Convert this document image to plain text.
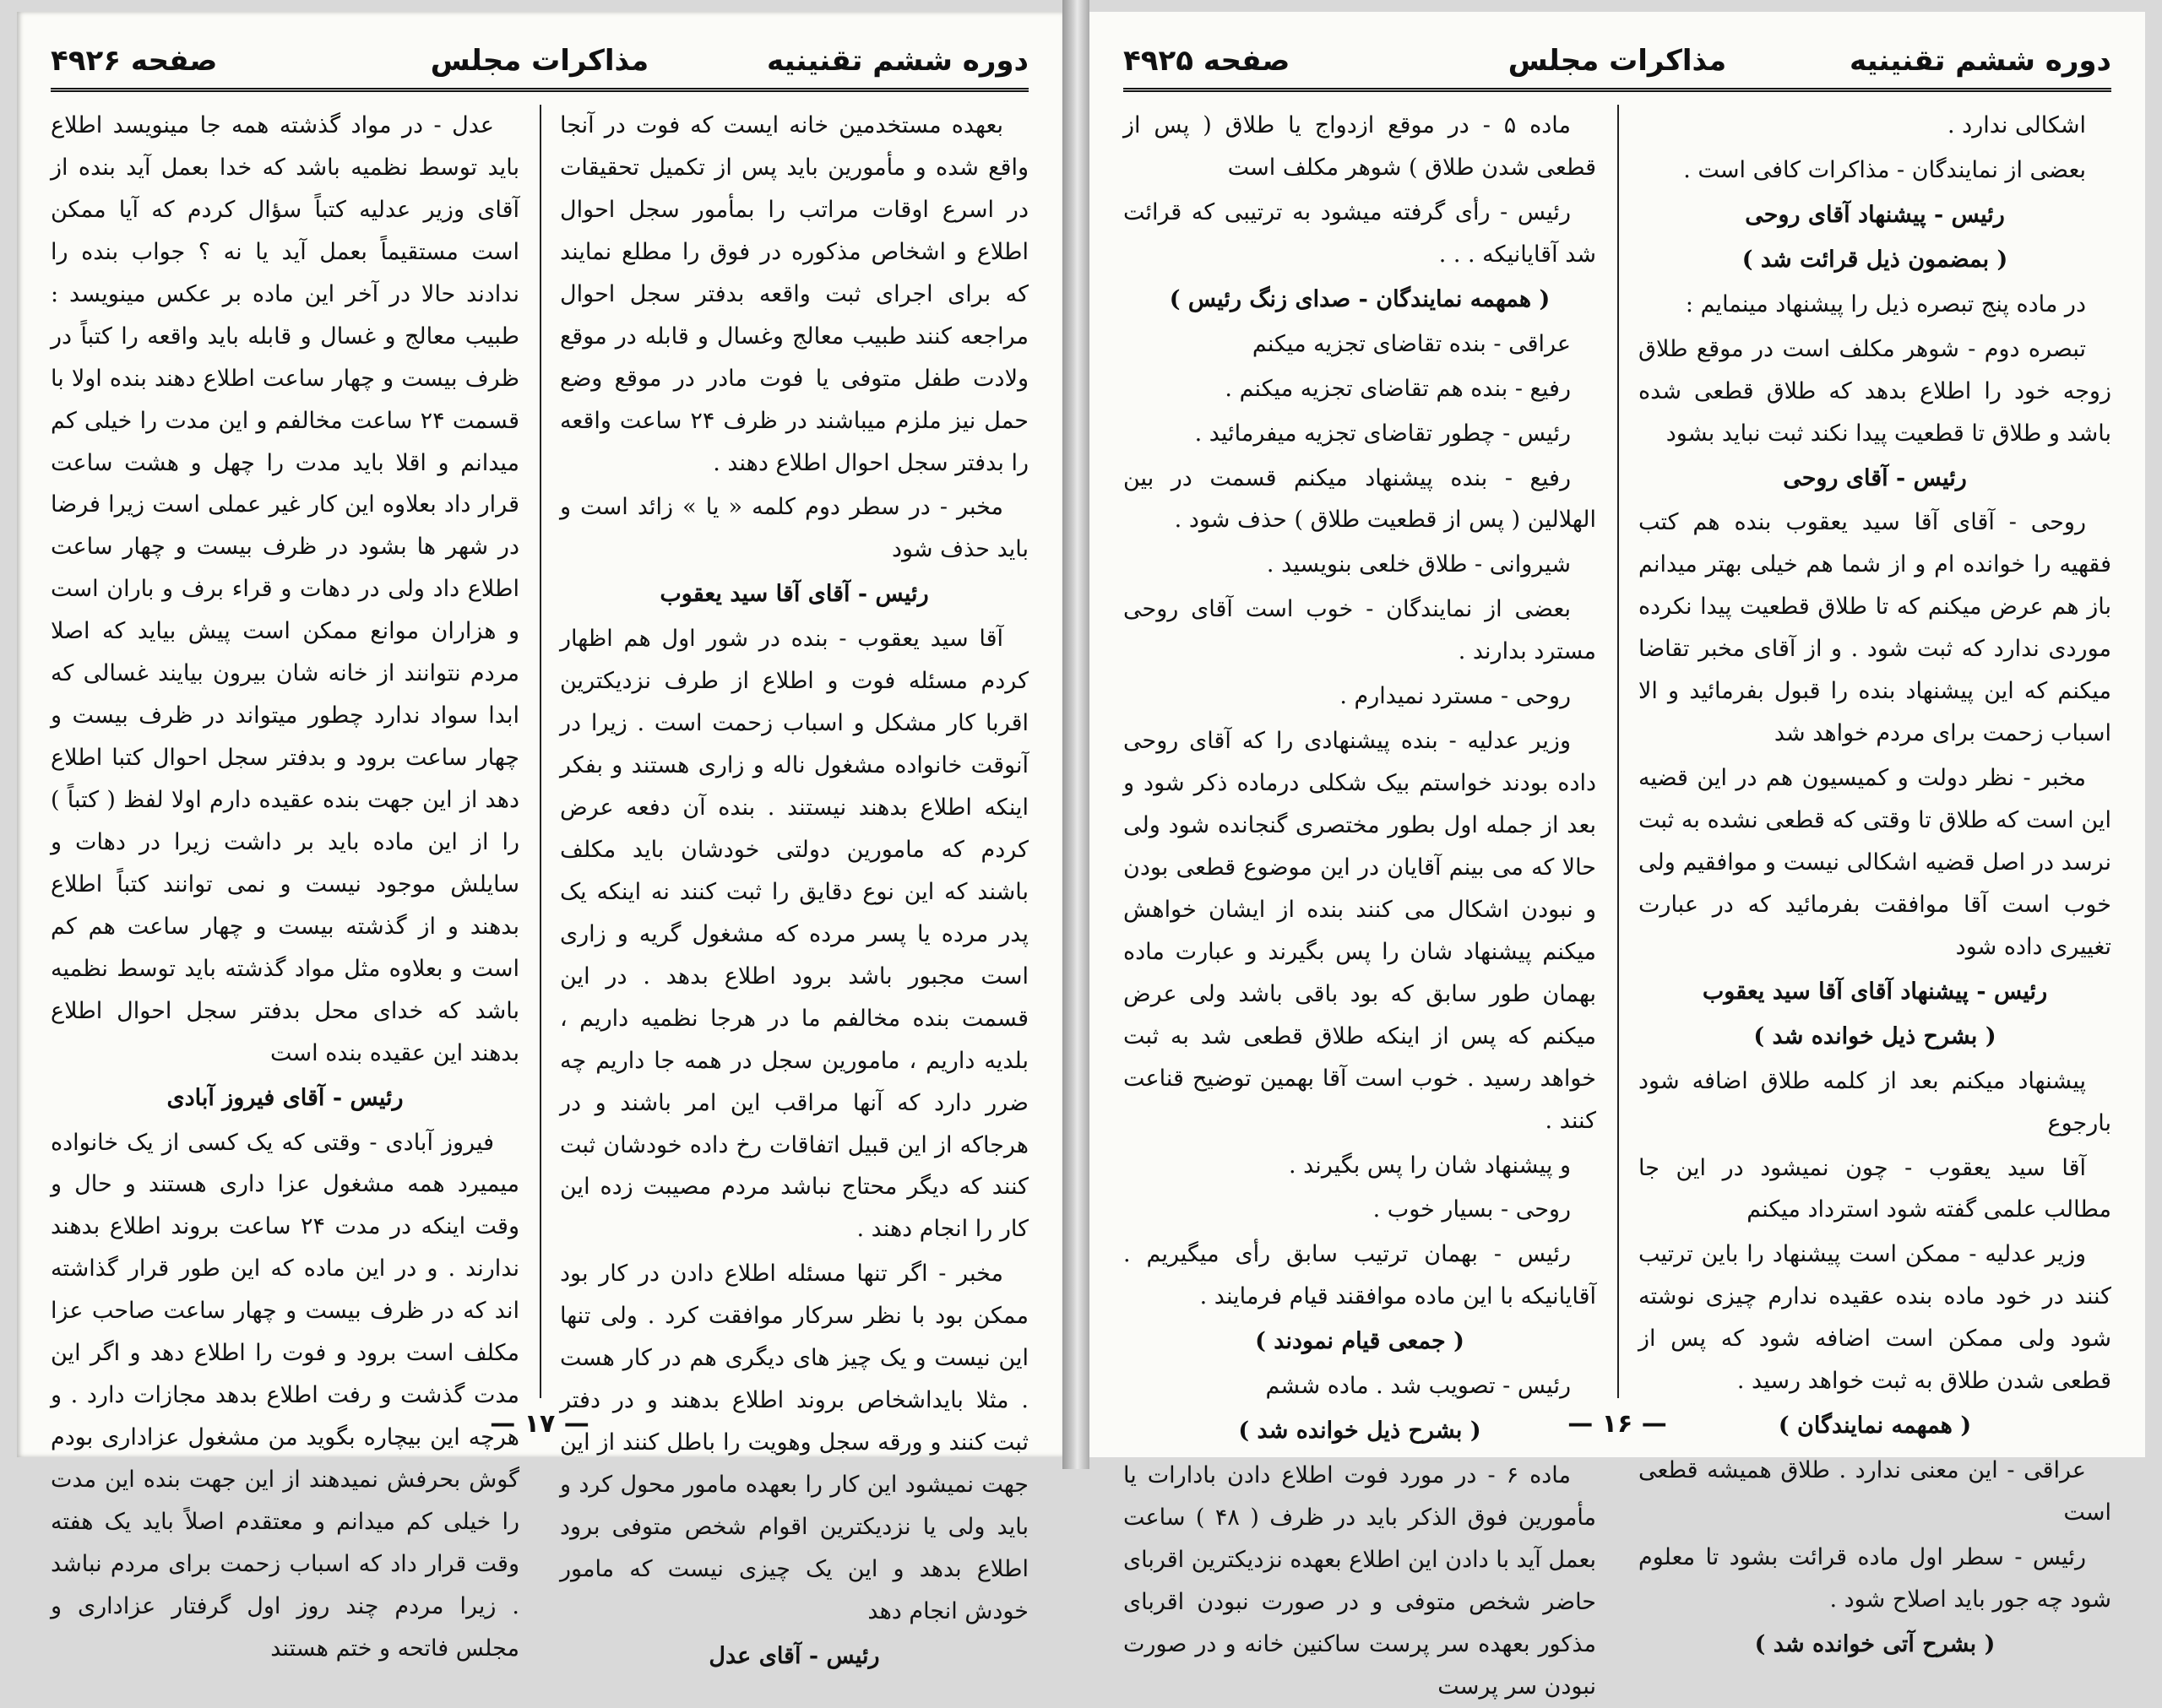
دوره ششم تقنینیه
مذاکرات مجلس
صفحه ۴۹۲۶

بعهده مستخدمین خانه ایست که فوت در آنجا واقع شده و مأمورین باید پس از تکمیل تحقیقات در اسرع اوقات مراتب را بمأمور سجل احوال اطلاع و اشخاص مذکوره در فوق را مطلع نمایند که برای اجرای ثبت واقعه بدفتر سجل احوال مراجعه کنند طبیب معالج وغسال و قابله در موقع ولادت طفل متوفی یا فوت مادر در موقع وضع حمل نیز ملزم میباشند در ظرف ۲۴ ساعت واقعه را بدفتر سجل احوال اطلاع دهند .

مخبر - در سطر دوم کلمه « یا » زائد است و باید حذف شود

رئیس - آقای آقا سید یعقوب

آقا سید یعقوب - بنده در شور اول هم اظهار کردم مسئله فوت و اطلاع از طرف نزدیکترین اقربا کار مشکل و اسباب زحمت است . زیرا در آنوقت خانواده مشغول ناله و زاری هستند و بفکر اینکه اطلاع بدهند نیستند . بنده آن دفعه عرض کردم که مامورین دولتی خودشان باید مکلف باشند که این نوع دقایق را ثبت کنند نه اینکه یک پدر مرده یا پسر مرده که مشغول گریه و زاری است مجبور باشد برود اطلاع بدهد . در این قسمت بنده مخالفم ما در هرجا نظمیه داریم ، بلدیه داریم ، مامورین سجل در همه جا داریم چه ضرر دارد که آنها مراقب این امر باشند و در هرجاکه از این قبیل اتفاقات رخ داده خودشان ثبت کنند که دیگر محتاج نباشد مردم مصیبت زده این کار را انجام دهند .

مخبر - اگر تنها مسئله اطلاع دادن در کار بود ممکن بود با نظر سرکار موافقت کرد . ولی تنها این نیست و یک چیز های دیگری هم در کار هست . مثلا بایداشخاص بروند اطلاع بدهند و در دفتر ثبت کنند و ورقه سجل وهویت را باطل کنند از این جهت نمیشود این کار را بعهده مامور محول کرد و باید ولی یا نزدیکترین اقوام شخص متوفی برود اطلاع بدهد و این یک چیزی نیست که مامور خودش انجام دهد

رئیس - آقای عدل

عدل - در مواد گذشته همه جا مینویسد اطلاع باید توسط نظمیه باشد که خدا بعمل آید بنده از آقای وزیر عدلیه کتباً سؤال کردم که آیا ممکن است مستقیماً بعمل آید یا نه ؟ جواب بنده را ندادند حالا در آخر این ماده بر عکس مینویسد : طبیب معالج و غسال و قابله باید واقعه را کتباً در ظرف بیست و چهار ساعت اطلاع دهند بنده اولا با قسمت ۲۴ ساعت مخالفم و این مدت را خیلی کم میدانم و اقلا باید مدت را چهل و هشت ساعت قرار داد بعلاوه این کار غیر عملی است زیرا فرضا در شهر ها بشود در ظرف بیست و چهار ساعت اطلاع داد ولی در دهات و قراء برف و باران است و هزاران موانع ممکن است پیش بیاید که اصلا مردم نتوانند از خانه شان بیرون بیایند غسالی که ابدا سواد ندارد چطور میتواند در ظرف بیست و چهار ساعت برود و بدفتر سجل احوال کتبا اطلاع دهد از این جهت بنده عقیده دارم اولا لفظ ( کتباً ) را از این ماده باید بر داشت زیرا در دهات و سایلش موجود نیست و نمی توانند کتباً اطلاع بدهند و از گذشته بیست و چهار ساعت هم کم است و بعلاوه مثل مواد گذشته باید توسط نظمیه باشد که خدای محل بدفتر سجل احوال اطلاع بدهند این عقیده بنده است

رئیس - آقای فیروز آبادی

فیروز آبادی - وقتی که یک کسی از یک خانواده میمیرد همه مشغول عزا داری هستند و حال و وقت اینکه در مدت ۲۴ ساعت بروند اطلاع بدهند ندارند . و در این ماده که این طور قرار گذاشته اند که در ظرف بیست و چهار ساعت صاحب عزا مکلف است برود و فوت را اطلاع دهد و اگر این مدت گذشت و رفت اطلاع بدهد مجازات دارد . و هرچه این بیچاره بگوید من مشغول عزاداری بودم گوش بحرفش نمیدهند از این جهت بنده این مدت را خیلی کم میدانم و معتقدم اصلاً باید یک هفته وقت قرار داد که اسباب زحمت برای مردم نباشد . زیرا مردم چند روز اول گرفتار عزاداری و مجلس فاتحه و ختم هستند

— ۱۷ —
دوره ششم تقنینیه
مذاکرات مجلس
صفحه ۴۹۲۵

اشکالی ندارد .

بعضی از نمایندگان - مذاکرات کافی است .

رئیس - پیشنهاد آقای روحی

( بمضمون ذیل قرائت شد )

در ماده پنج تبصره ذیل را پیشنهاد مینمایم :

تبصره دوم - شوهر مکلف است در موقع طلاق زوجه خود را اطلاع بدهد که طلاق قطعی شده باشد و طلاق تا قطعیت پیدا نکند ثبت نباید بشود

رئیس - آقای روحی

روحی - آقای آقا سید یعقوب بنده هم کتب فقهیه را خوانده ام و از شما هم خیلی بهتر میدانم باز هم عرض میکنم که تا طلاق قطعیت پیدا نکرده موردی ندارد که ثبت شود . و از آقای مخبر تقاضا میکنم که این پیشنهاد بنده را قبول بفرمائید و الا اسباب زحمت برای مردم خواهد شد

مخبر - نظر دولت و کمیسیون هم در این قضیه این است که طلاق تا وقتی که قطعی نشده به ثبت نرسد در اصل قضیه اشکالی نیست و موافقیم ولی خوب است آقا موافقت بفرمائید که در عبارت تغییری داده شود

رئیس - پیشنهاد آقای آقا سید یعقوب

( بشرح ذیل خوانده شد )

پیشنهاد میکنم بعد از کلمه طلاق اضافه شود بارجوع

آقا سید یعقوب - چون نمیشود در این جا مطالب علمی گفته شود استرداد میکنم

وزیر عدلیه - ممکن است پیشنهاد را باین ترتیب کنند در خود ماده بنده عقیده ندارم چیزی نوشته شود ولی ممکن است اضافه شود که پس از قطعی شدن طلاق به ثبت خواهد رسید .

( همهمه نمایندگان )

عراقی - این معنی ندارد . طلاق همیشه قطعی است

رئیس - سطر اول ماده قرائت بشود تا معلوم شود چه جور باید اصلاح شود .

( بشرح آتی خوانده شد )

ماده ۵ - در موقع ازدواج یا طلاق ( پس از قطعی شدن طلاق ) شوهر مکلف است

رئیس - رأی گرفته میشود به ترتیبی که قرائت شد آقایانیکه . . .

( همهمه نمایندگان - صدای زنگ رئیس )

عراقی - بنده تقاضای تجزیه میکنم

رفیع - بنده هم تقاضای تجزیه میکنم .

رئیس - چطور تقاضای تجزیه میفرمائید .

رفیع - بنده پیشنهاد میکنم قسمت در بین الهلالین ( پس از قطعیت طلاق ) حذف شود .

شیروانی - طلاق خلعی بنویسید .

بعضی از نمایندگان - خوب است آقای روحی مسترد بدارند .

روحی - مسترد نمیدارم .

وزیر عدلیه - بنده پیشنهادی را که آقای روحی داده بودند خواستم بیک شکلی درماده ذکر شود و بعد از جمله اول بطور مختصری گنجانده شود ولی حالا که می بینم آقایان در این موضوع قطعی بودن و نبودن اشکال می کنند بنده از ایشان خواهش میکنم پیشنهاد شان را پس بگیرند و عبارت ماده بهمان طور سابق که بود باقی باشد ولی عرض میکنم که پس از اینکه طلاق قطعی شد به ثبت خواهد رسید . خوب است آقا بهمین توضیح قناعت کنند .

و پیشنهاد شان را پس بگیرند .

روحی - بسیار خوب .

رئیس - بهمان ترتیب سابق رأی میگیریم . آقایانیکه با این ماده موافقند قیام فرمایند .

( جمعی قیام نمودند )

رئیس - تصویب شد . ماده ششم

( بشرح ذیل خوانده شد )

ماده ۶ - در مورد فوت اطلاع دادن بادارات یا مأمورین فوق الذکر باید در ظرف ( ۴۸ ) ساعت بعمل آید با دادن این اطلاع بعهده نزدیکترین اقربای حاضر شخص متوفی و در صورت نبودن اقربای مذکور بعهده سر پرست ساکنین خانه و در صورت نبودن سر پرست

— ۱۶ —
